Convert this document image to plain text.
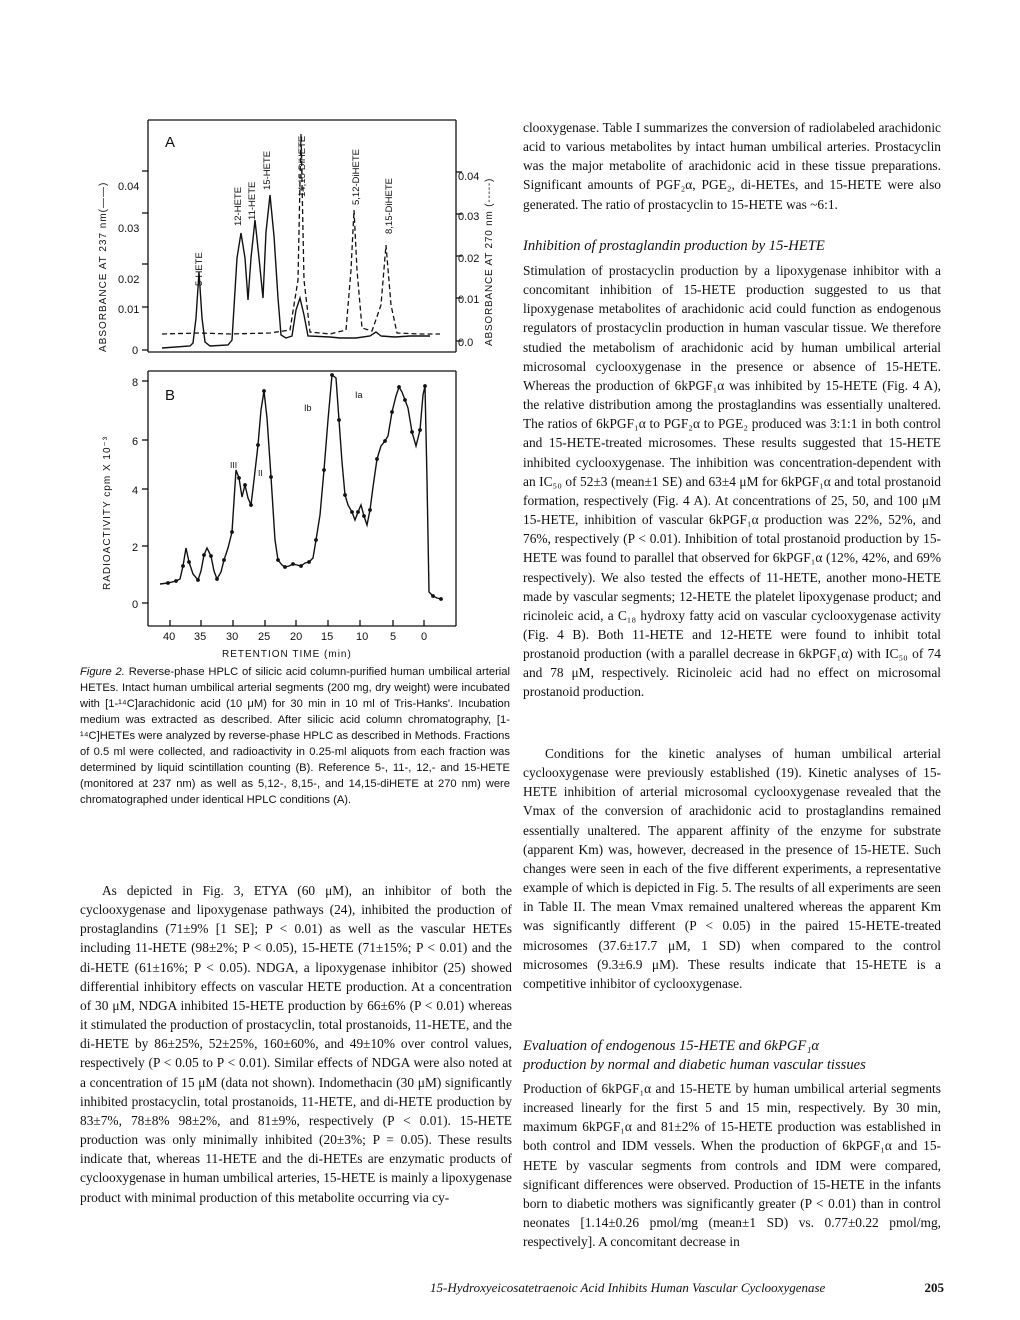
A
0.04
0.03
0.02
0.01
0
0.04
0.03
0.02
0.01
0.0
ABSORBANCE AT 237 nm(——)	ABSORBANCE AT 270 nm (-----)
5-HETE
12-HETE 11-HETE
15-HETE	14,15-DiHETE	5,12-DiHETE
8,15-DiHETE
B
8
6
4
2
0
RADIOACTIVITY cpm X 10⁻³
Ib
Ia
III
II
40 35 30 25 20 15 10 5 0
RETENTION TIME (min)

Figure 2. Reverse-phase HPLC of silicic acid column-purified human umbilical arterial HETEs. Intact human umbilical arterial segments (200 mg, dry weight) were incubated with [1-¹⁴C]arachidonic acid (10 μM) for 30 min in 10 ml of Tris-Hanks'. Incubation medium was extracted as described. After silicic acid column chromatography, [1-¹⁴C]HETEs were analyzed by reverse-phase HPLC as described in Methods. Fractions of 0.5 ml were collected, and radioactivity in 0.25-ml aliquots from each fraction was determined by liquid scintillation counting (B). Reference 5-, 11-, 12,- and 15-HETE (monitored at 237 nm) as well as 5,12-, 8,15-, and 14,15-diHETE at 270 nm) were chromatographed under identical HPLC conditions (A).

As depicted in Fig. 3, ETYA (60 μM), an inhibitor of both the cyclooxygenase and lipoxygenase pathways (24), inhibited the production of prostaglandins (71±9% [1 SE]; P < 0.01) as well as the vascular HETEs including 11-HETE (98±2%; P < 0.05), 15-HETE (71±15%; P < 0.01) and the di-HETE (61±16%; P < 0.05). NDGA, a lipoxygenase inhibitor (25) showed differential inhibitory effects on vascular HETE production. At a concentration of 30 μM, NDGA inhibited 15-HETE production by 66±6% (P < 0.01) whereas it stimulated the production of prostacyclin, total prostanoids, 11-HETE, and the di-HETE by 86±25%, 52±25%, 160±60%, and 49±10% over control values, respectively (P < 0.05 to P < 0.01). Similar effects of NDGA were also noted at a concentration of 15 μM (data not shown). Indomethacin (30 μM) significantly inhibited prostacyclin, total prostanoids, 11-HETE, and di-HETE production by 83±7%, 78±8% 98±2%, and 81±9%, respectively (P < 0.01). 15-HETE production was only minimally inhibited (20±3%; P = 0.05). These results indicate that, whereas 11-HETE and the di-HETEs are enzymatic products of cyclooxygenase in human umbilical arteries, 15-HETE is mainly a lipoxygenase product with minimal production of this metabolite occurring via cy-

clooxygenase. Table I summarizes the conversion of radiolabeled arachidonic acid to various metabolites by intact human umbilical arteries. Prostacyclin was the major metabolite of arachidonic acid in these tissue preparations. Significant amounts of PGF₂α, PGE₂, di-HETEs, and 15-HETE were also generated. The ratio of prostacyclin to 15-HETE was ~6:1.

Inhibition of prostaglandin production by 15-HETE

Stimulation of prostacyclin production by a lipoxygenase inhibitor with a concomitant inhibition of 15-HETE production suggested to us that lipoxygenase metabolites of arachidonic acid could function as endogenous regulators of prostacyclin production in human vascular tissue. We therefore studied the metabolism of arachidonic acid by human umbilical arterial microsomal cyclooxygenase in the presence or absence of 15-HETE. Whereas the production of 6kPGF₁α was inhibited by 15-HETE (Fig. 4 A), the relative distribution among the prostaglandins was essentially unaltered. The ratios of 6kPGF₁α to PGF₂α to PGE₂ produced was 3:1:1 in both control and 15-HETE-treated microsomes. These results suggested that 15-HETE inhibited cyclooxygenase. The inhibition was concentration-dependent with an IC₅₀ of 52±3 (mean±1 SE) and 63±4 μM for 6kPGF₁α and total prostanoid formation, respectively (Fig. 4 A). At concentrations of 25, 50, and 100 μM 15-HETE, inhibition of vascular 6kPGF₁α production was 22%, 52%, and 76%, respectively (P < 0.01). Inhibition of total prostanoid production by 15-HETE was found to parallel that observed for 6kPGF₁α (12%, 42%, and 69% respectively). We also tested the effects of 11-HETE, another mono-HETE made by vascular segments; 12-HETE the platelet lipoxygenase product; and ricinoleic acid, a C₁₈ hydroxy fatty acid on vascular cyclooxygenase activity (Fig. 4 B). Both 11-HETE and 12-HETE were found to inhibit total prostanoid production (with a parallel decrease in 6kPGF₁α) with IC₅₀ of 74 and 78 μM, respectively. Ricinoleic acid had no effect on microsomal prostanoid production.

Conditions for the kinetic analyses of human umbilical arterial cyclooxygenase were previously established (19). Kinetic analyses of 15-HETE inhibition of arterial microsomal cyclooxygenase revealed that the Vmax of the conversion of arachidonic acid to prostaglandins remained essentially unaltered. The apparent affinity of the enzyme for substrate (apparent Km) was, however, decreased in the presence of 15-HETE. Such changes were seen in each of the five different experiments, a representative example of which is depicted in Fig. 5. The results of all experiments are seen in Table II. The mean Vmax remained unaltered whereas the apparent Km was significantly different (P < 0.05) in the paired 15-HETE-treated microsomes (37.6±17.7 μM, 1 SD) when compared to the control microsomes (9.3±6.9 μM). These results indicate that 15-HETE is a competitive inhibitor of cyclooxygenase.

Evaluation of endogenous 15-HETE and 6kPGF₁α
production by normal and diabetic human vascular tissues

Production of 6kPGF₁α and 15-HETE by human umbilical arterial segments increased linearly for the first 5 and 15 min, respectively. By 30 min, maximum 6kPGF₁α and 81±2% of 15-HETE production was established in both control and IDM vessels. When the production of 6kPGF₁α and 15-HETE by vascular segments from controls and IDM were compared, significant differences were observed. Production of 15-HETE in the infants born to diabetic mothers was significantly greater (P < 0.01) than in control neonates [1.14±0.26 pmol/mg (mean±1 SD) vs. 0.77±0.22 pmol/mg, respectively]. A concomitant decrease in

15-Hydroxyeicosatetraenoic Acid Inhibits Human Vascular Cyclooxygenase	205
